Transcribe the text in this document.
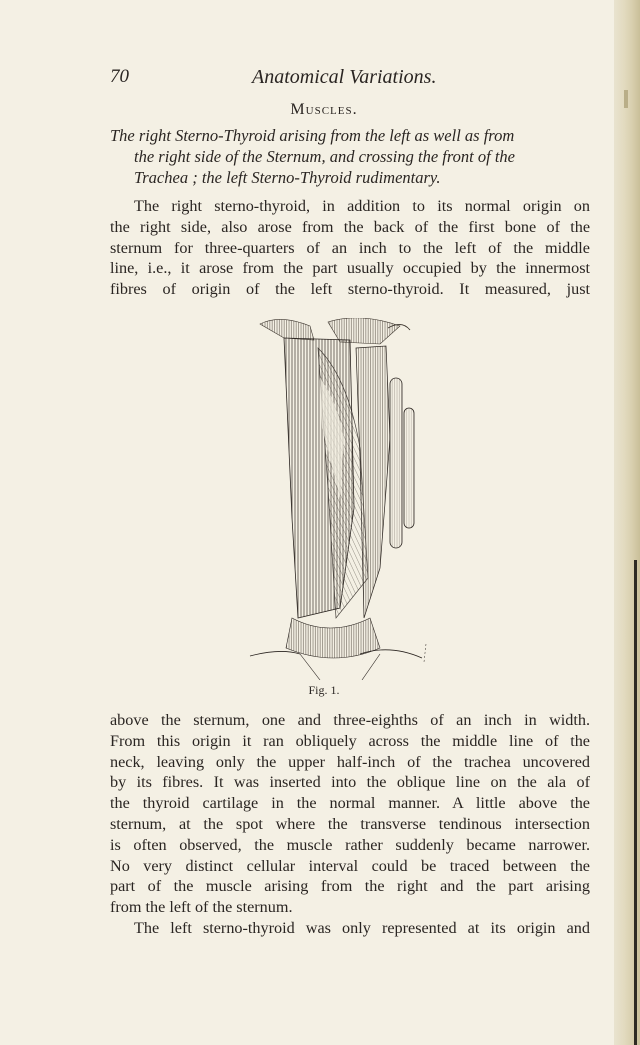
70	Anatomical Variations.
Muscles.
The right Sterno-Thyroid arising from the left as well as from
the right side of the Sternum, and crossing the front of the
Trachea ; the left Sterno-Thyroid rudimentary.
The right sterno-thyroid, in addition to its normal origin on
the right side, also arose from the back of the first bone of the
sternum for three-quarters of an inch to the left of the middle
line, i.e., it arose from the part usually occupied by the innermost
fibres of origin of the left sterno-thyroid. It measured, just
Fig. 1.
above the sternum, one and three-eighths of an inch in width.
From this origin it ran obliquely across the middle line of the
neck, leaving only the upper half-inch of the trachea uncovered
by its fibres. It was inserted into the oblique line on the ala of
the thyroid cartilage in the normal manner. A little above the
sternum, at the spot where the transverse tendinous intersection
is often observed, the muscle rather suddenly became narrower.
No very distinct cellular interval could be traced between the
part of the muscle arising from the right and the part arising
from the left of the sternum.
The left sterno-thyroid was only represented at its origin and
